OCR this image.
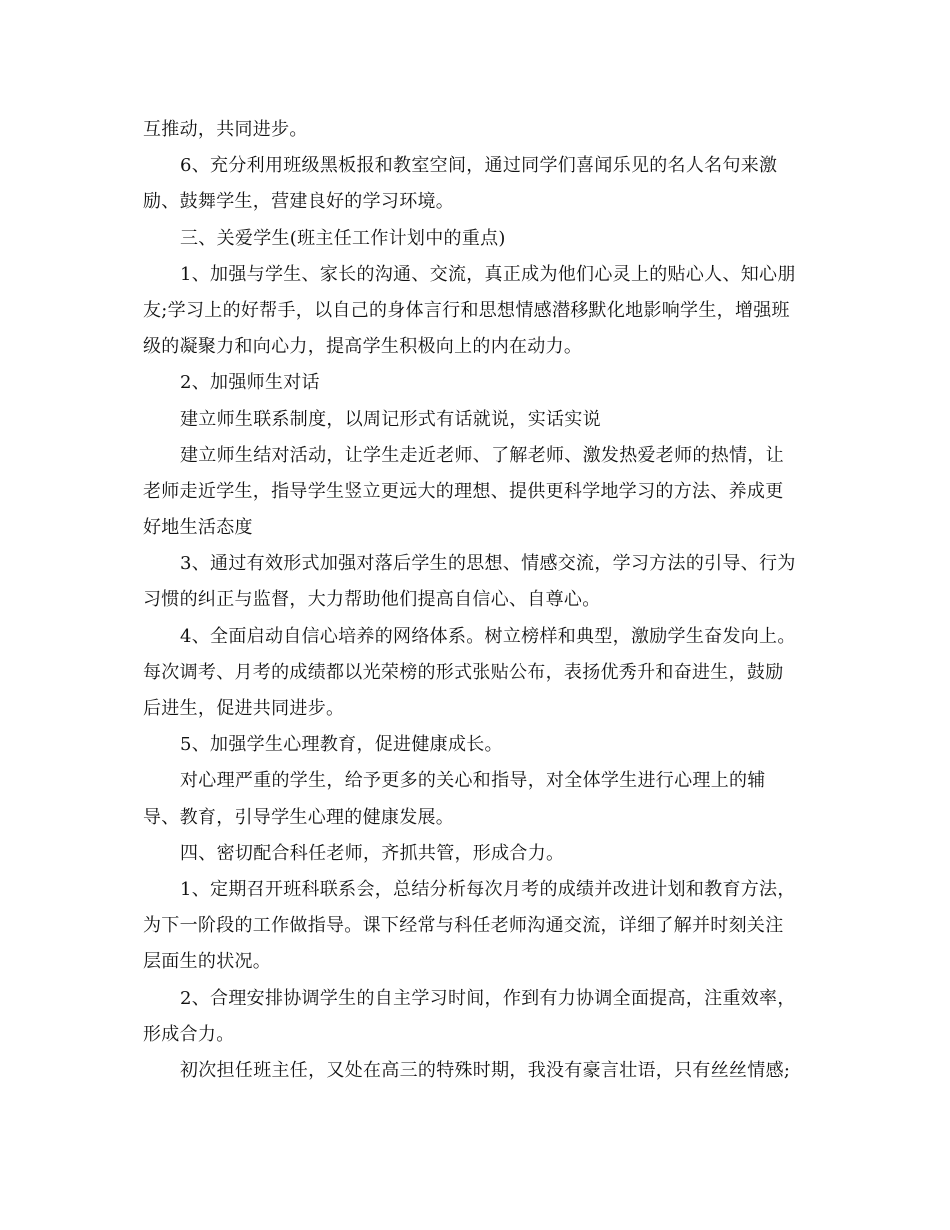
互推动，共同进步。
6、充分利用班级黑板报和教室空间，通过同学们喜闻乐见的名人名句来激
励、鼓舞学生，营建良好的学习环境。
三、关爱学生(班主任工作计划中的重点)
1、加强与学生、家长的沟通、交流，真正成为他们心灵上的贴心人、知心朋
友;学习上的好帮手，以自己的身体言行和思想情感潜移默化地影响学生，增强班
级的凝聚力和向心力，提高学生积极向上的内在动力。
2、加强师生对话
建立师生联系制度，以周记形式有话就说，实话实说
建立师生结对活动，让学生走近老师、了解老师、激发热爱老师的热情，让
老师走近学生，指导学生竖立更远大的理想、提供更科学地学习的方法、养成更
好地生活态度
3、通过有效形式加强对落后学生的思想、情感交流，学习方法的引导、行为
习惯的纠正与监督，大力帮助他们提高自信心、自尊心。
4、全面启动自信心培养的网络体系。树立榜样和典型，激励学生奋发向上。
每次调考、月考的成绩都以光荣榜的形式张贴公布，表扬优秀升和奋进生，鼓励
后进生，促进共同进步。
5、加强学生心理教育，促进健康成长。
对心理严重的学生，给予更多的关心和指导，对全体学生进行心理上的辅
导、教育，引导学生心理的健康发展。
四、密切配合科任老师，齐抓共管，形成合力。
1、定期召开班科联系会，总结分析每次月考的成绩并改进计划和教育方法，
为下一阶段的工作做指导。课下经常与科任老师沟通交流，详细了解并时刻关注
层面生的状况。
2、合理安排协调学生的自主学习时间，作到有力协调全面提高，注重效率，
形成合力。
初次担任班主任，又处在高三的特殊时期，我没有豪言壮语，只有丝丝情感;
